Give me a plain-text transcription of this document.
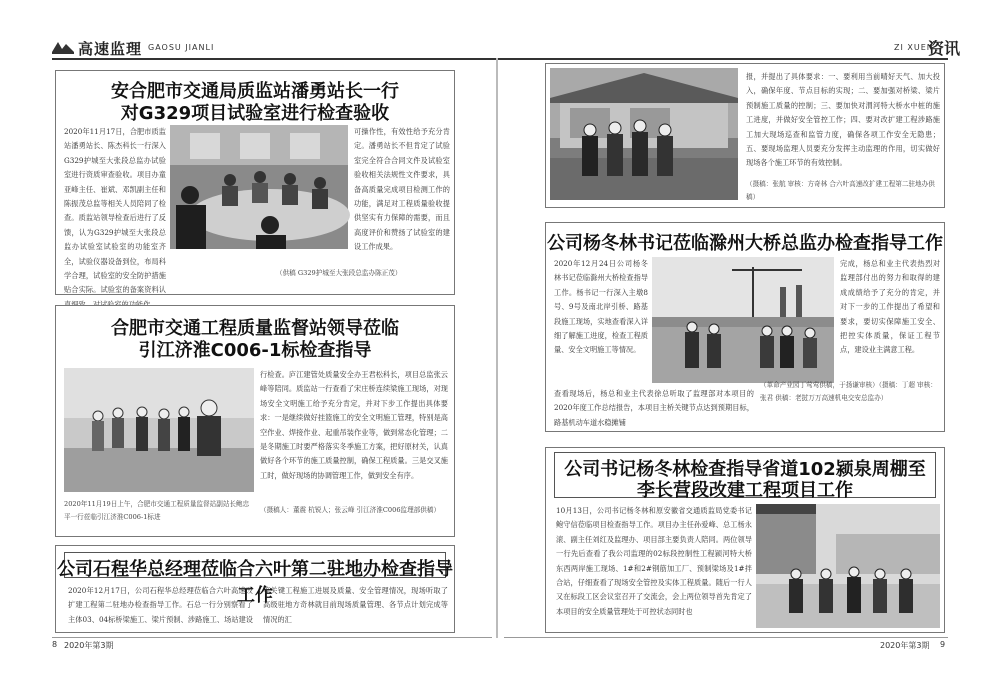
高速监理 GAOSU JIANLI	ZI XUEN
资讯
安合肥市交通局质监站潘勇站长一行
对G329项目试验室进行检查验收
2020年11月17日，合肥市质监站潘勇站长、陈杰科长一行深入G329护城至大张段总监办试验室进行资质审查验收。项目办童亚峰主任、崔斌、邓凯副主任和陈振茂总监等相关人员陪同了检查。质监站领导检查后进行了反馈，认为G329护城至大张段总监办试验室试验室的功能室齐全，试验仪器设备到位，布局科学合理，试验室的安全防护措施贴合实际。试验室的备案资料认
可操作性，有效性给予充分肯定。潘勇站长不但肯定了试验室完全符合合同文件及试验室验收相关法规性文件要求，具备高质量完成项目检测工作的功能，满足对工程质量验收提供坚实有力保障的需要，而且高度评价和赞扬了试验室的建设工作成果。
（供稿 G329护城至大张段总监办陈正茂）
合肥市交通工程质量监督站领导莅临
引江济淮C006-1标检查指导
2020年11月19日上午，合肥市交通工程质量监督站副站长鲍忠平一行莅临引江济淮C006-1标进
行检查。庐江建管处质量安全办王君松科长，项目总监张云峰等陪同。质监站一行查看了宋庄桥连续梁施工现场，对现场安全文明施工给予充分肯定，并对下步工作提出具体要求：一是继续做好挂篮施工的安全文明施工管理，特别是高空作业、焊接作业、起重吊装作业等，做到常态化管理；二是冬期施工时要严格落实冬季施工方案，把好原材关，认真做好各个环节的施工质量控制，确保工程质量。三是交叉施工时，做好现场的协调管理工作，做到安全有序。
（摄稿人：董震 杭锐人；张云峰 引江济淮C006监理部供稿）
公司石程华总经理莅临合六叶第二驻地办检查指导工作
2020年12月17日，公司石程华总经理莅临合六叶高速改扩建工程第二驻地办检查指导工作。石总一行分别察看了主体03、04标桥梁施工、梁片预制、涉路施工、场站建设等关键工程施工进展及质量、安全管理情况，现场听取了高级驻地方奇林就目前现场质量管理、各节点计划完成等情况的汇
报，并提出了具体要求：一、要利用当前晴好天气、加大投入，确保年度、节点目标的实现；二、要加强对桥梁、梁片预制施工质量的控制；三、要加快对渭河特大桥水中桩的施工进度，并做好安全管控工作；四、要对改扩建工程涉路施工加大现场巡查和监管力度，确保各项工作安全无隐患；五、要现场监理人员要充分发挥主动监理的作用，切实做好现场各个施工环节的有效控制。
（摄稿：张航 审核：方奇林 合六叶高速改扩建工程第二驻地办供稿）
公司杨冬林书记莅临滁州大桥总监办检查指导工作
2020年12月24日公司杨冬林书记莅临滁州大桥检查指导工作。杨书记一行深入主墩8号、9号及南北岸引桥、路基段施工现场，实地查看深入详细了解施工进度，检查工程质量、安全文明施工等情况。
完成，杨总和业主代表热烈对监理部付出的努力和取得的建成成绩给予了充分的肯定，并对下一步的工作提出了希望和要求，要切实保障施工安全、把控实体质量，保证工程节点，建设业主满意工程。
查看现场后，杨总和业主代表徐总听取了监理部对本项目的2020年度工作总结报告，本项目主桥关键节点达到预期目标，路基机动车道水稳摊铺
（革命产业园丁莺莺供稿，于扬谦审核）（摄稿：丁超 审核：张君 供稿：老挝万万高速机电交安总监办）
公司书记杨冬林检查指导省道102颍泉周棚至
李长营段改建工程项目工作
10月13日，公司书记杨冬林和原安徽省交通质监局党委书记鲍守信莅临项目检查指导工作。项目办主任孙爱峰、总工杨永滚、副主任刘红及监理办、项目部主要负责人陪同。两位领导一行先后查看了我公司监理的02标段控制性工程颍河特大桥东西两岸施工现场、1#和2#钢筋加工厂、预制梁场及1#拌合站，仔细查看了现场安全管控及实体工程质量。随后一行人又在标段工区会议室召开了交流会，会上两位领导首先肯定了本项目的安全质量管理处于可控状态同时也
8 2020年第3期	2020年第3期 9
